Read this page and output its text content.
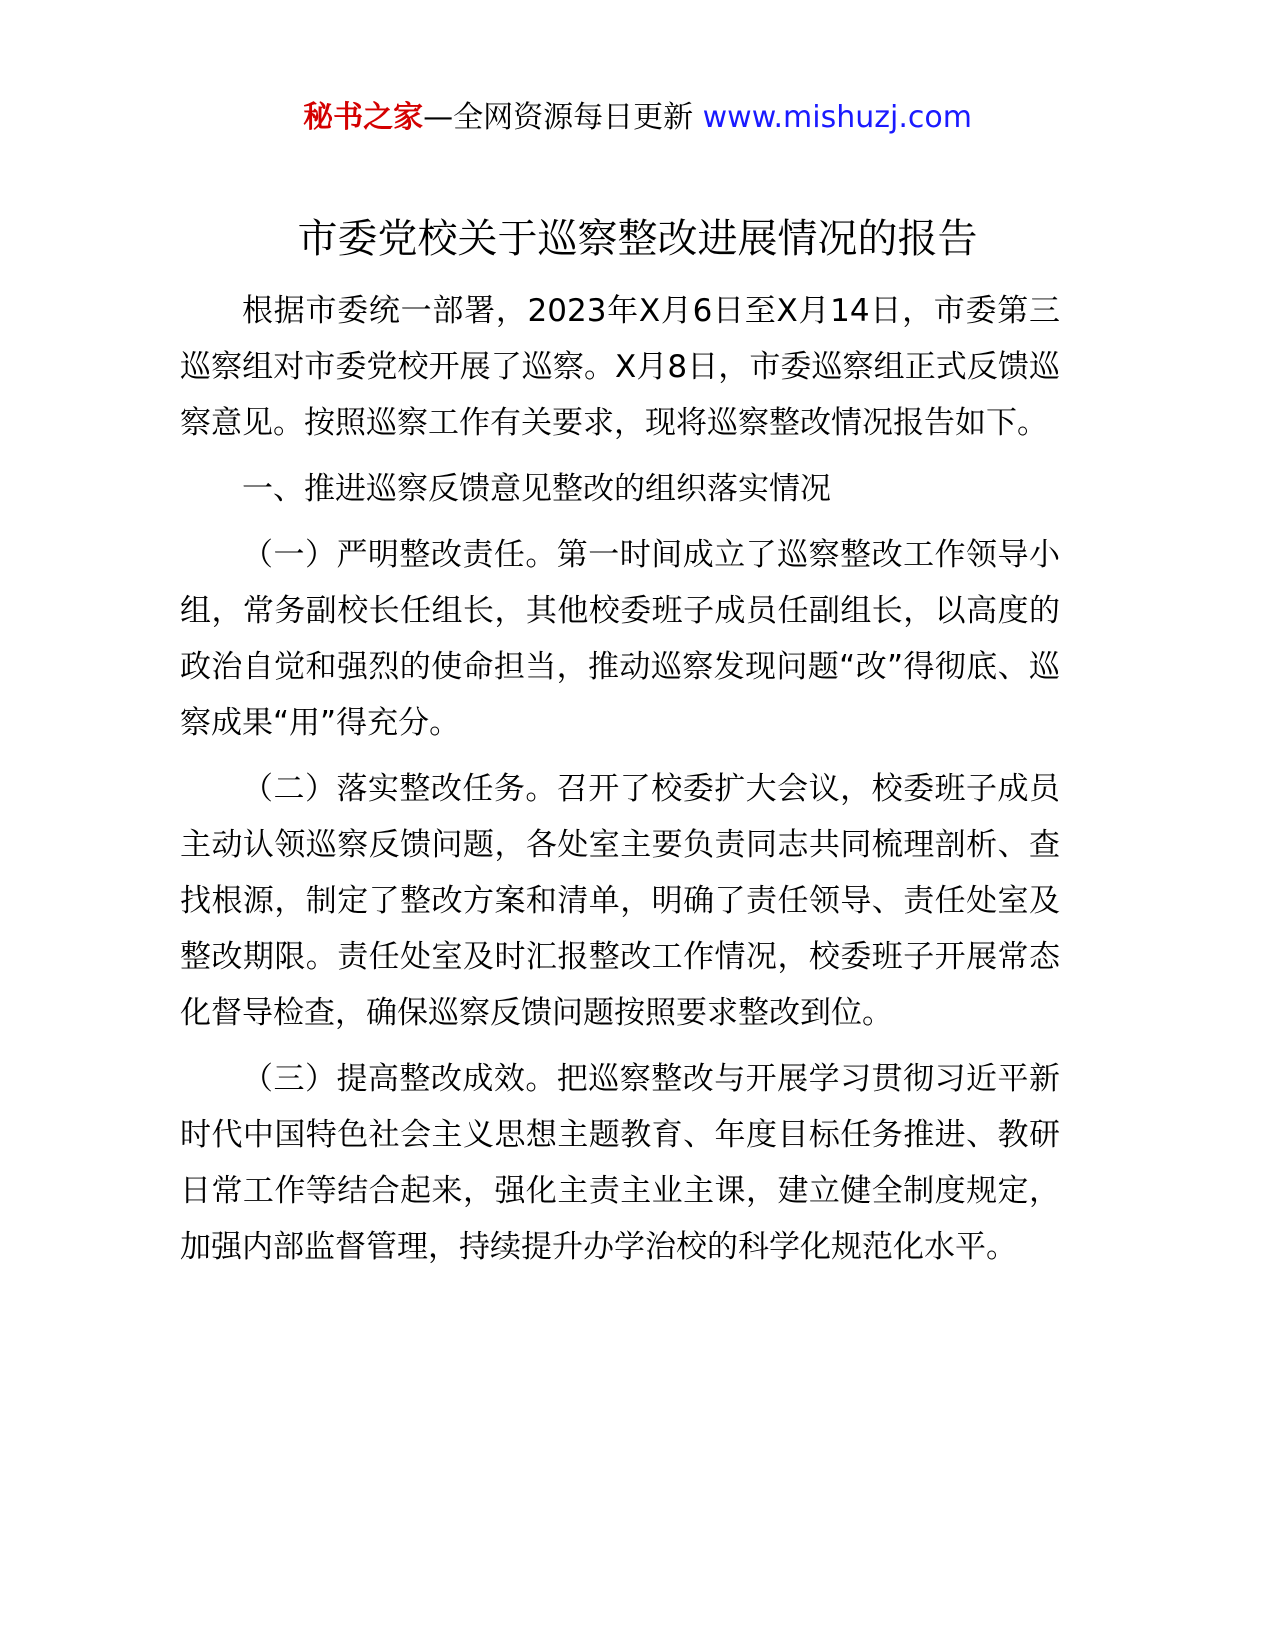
秘书之家—全网资源每日更新 www.mishuzj.com
市委党校关于巡察整改进展情况的报告

根据市委统一部署，2023年X月6日至X月14日，市委第三巡察组对市委党校开展了巡察。X月8日，市委巡察组正式反馈巡察意见。按照巡察工作有关要求，现将巡察整改情况报告如下。

一、推进巡察反馈意见整改的组织落实情况

（一）严明整改责任。第一时间成立了巡察整改工作领导小组，常务副校长任组长，其他校委班子成员任副组长，以高度的政治自觉和强烈的使命担当，推动巡察发现问题“改”得彻底、巡察成果“用”得充分。

（二）落实整改任务。召开了校委扩大会议，校委班子成员主动认领巡察反馈问题，各处室主要负责同志共同梳理剖析、查找根源，制定了整改方案和清单，明确了责任领导、责任处室及整改期限。责任处室及时汇报整改工作情况，校委班子开展常态化督导检查，确保巡察反馈问题按照要求整改到位。

（三）提高整改成效。把巡察整改与开展学习贯彻习近平新时代中国特色社会主义思想主题教育、年度目标任务推进、教研日常工作等结合起来，强化主责主业主课，建立健全制度规定，加强内部监督管理，持续提升办学治校的科学化规范化水平。
